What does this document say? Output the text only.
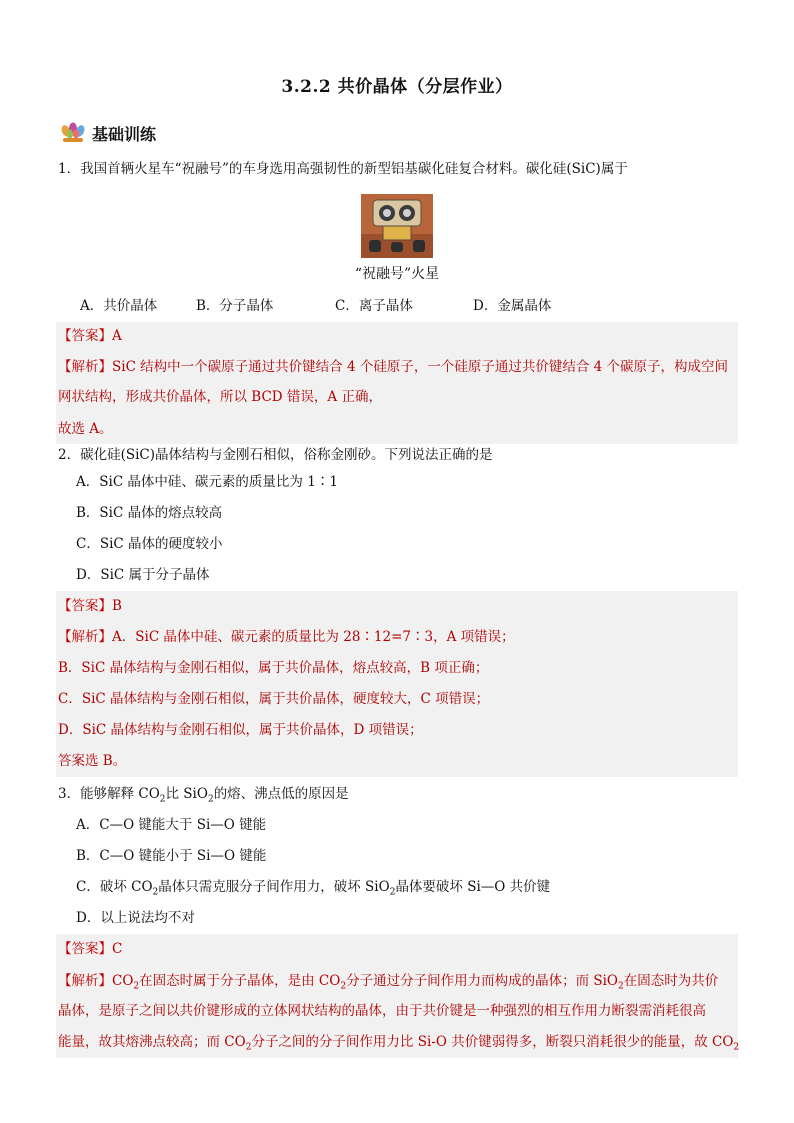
3.2.2 共价晶体（分层作业）
基础训练
1．我国首辆火星车“祝融号”的车身选用高强韧性的新型铝基碳化硅复合材料。碳化硅(SiC)属于
“祝融号”火星
A．共价晶体	B．分子晶体	C．离子晶体	D．金属晶体
【答案】A
【解析】SiC 结构中一个碳原子通过共价键结合 4 个硅原子，一个硅原子通过共价键结合 4 个碳原子，构成空间
网状结构，形成共价晶体，所以 BCD 错误，A 正确，
故选 A。
2．碳化硅(SiC)晶体结构与金刚石相似，俗称金刚砂。下列说法正确的是
A．SiC 晶体中硅、碳元素的质量比为 1∶1
B．SiC 晶体的熔点较高
C．SiC 晶体的硬度较小
D．SiC 属于分子晶体
【答案】B
【解析】A．SiC 晶体中硅、碳元素的质量比为 28∶12=7∶3，A 项错误；
B．SiC 晶体结构与金刚石相似，属于共价晶体，熔点较高，B 项正确；
C．SiC 晶体结构与金刚石相似，属于共价晶体，硬度较大，C 项错误；
D．SiC 晶体结构与金刚石相似，属于共价晶体，D 项错误；
答案选 B。
3．能够解释 $CO_2$比 SiO$_2$的熔、沸点低的原因是
A．C—O 键能大于 Si—O 键能
B．C—O 键能小于 Si—O 键能
C．破坏 $CO_2$晶体只需克服分子间作用力，破坏 SiO$_2$晶体要破坏 Si—O 共价键
D．以上说法均不对
【答案】C
【解析】$CO_2$在固态时属于分子晶体，是由 $CO_2$分子通过分子间作用力而构成的晶体；而 SiO$_2$在固态时为共价
晶体，是原子之间以共价键形成的立体网状结构的晶体，由于共价键是一种强烈的相互作用力断裂需消耗很高
能量，故其熔沸点较高；而 $CO_2$分子之间的分子间作用力比 Si-O 共价键弱得多，断裂只消耗很少的能量，故 $CO_2$
